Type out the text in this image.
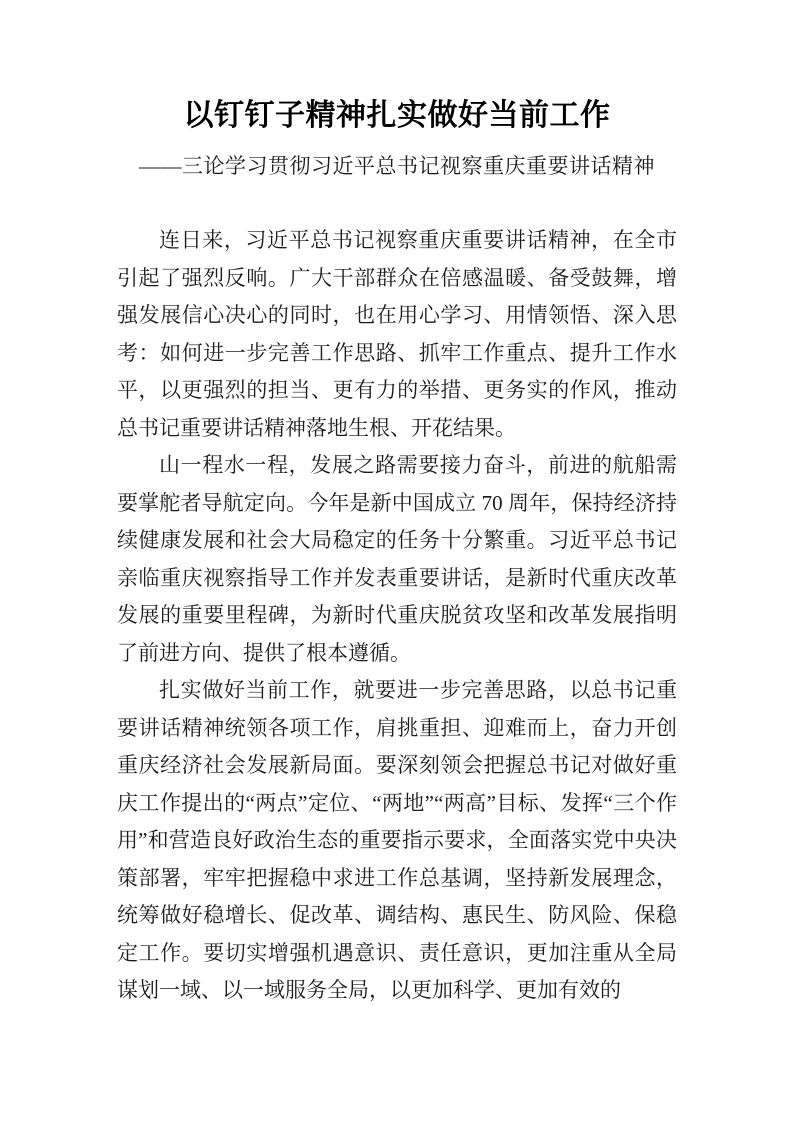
以钉钉子精神扎实做好当前工作
——三论学习贯彻习近平总书记视察重庆重要讲话精神

连日来，习近平总书记视察重庆重要讲话精神，在全市引起了强烈反响。广大干部群众在倍感温暖、备受鼓舞，增强发展信心决心的同时，也在用心学习、用情领悟、深入思考：如何进一步完善工作思路、抓牢工作重点、提升工作水平，以更强烈的担当、更有力的举措、更务实的作风，推动总书记重要讲话精神落地生根、开花结果。

山一程水一程，发展之路需要接力奋斗，前进的航船需要掌舵者导航定向。今年是新中国成立 70 周年，保持经济持续健康发展和社会大局稳定的任务十分繁重。习近平总书记亲临重庆视察指导工作并发表重要讲话，是新时代重庆改革发展的重要里程碑，为新时代重庆脱贫攻坚和改革发展指明了前进方向、提供了根本遵循。

扎实做好当前工作，就要进一步完善思路，以总书记重要讲话精神统领各项工作，肩挑重担、迎难而上，奋力开创重庆经济社会发展新局面。要深刻领会把握总书记对做好重庆工作提出的“两点”定位、“两地”“两高”目标、发挥“三个作用”和营造良好政治生态的重要指示要求，全面落实党中央决策部署，牢牢把握稳中求进工作总基调，坚持新发展理念，统筹做好稳增长、促改革、调结构、惠民生、防风险、保稳定工作。要切实增强机遇意识、责任意识，更加注重从全局谋划一域、以一域服务全局，以更加科学、更加有效的
